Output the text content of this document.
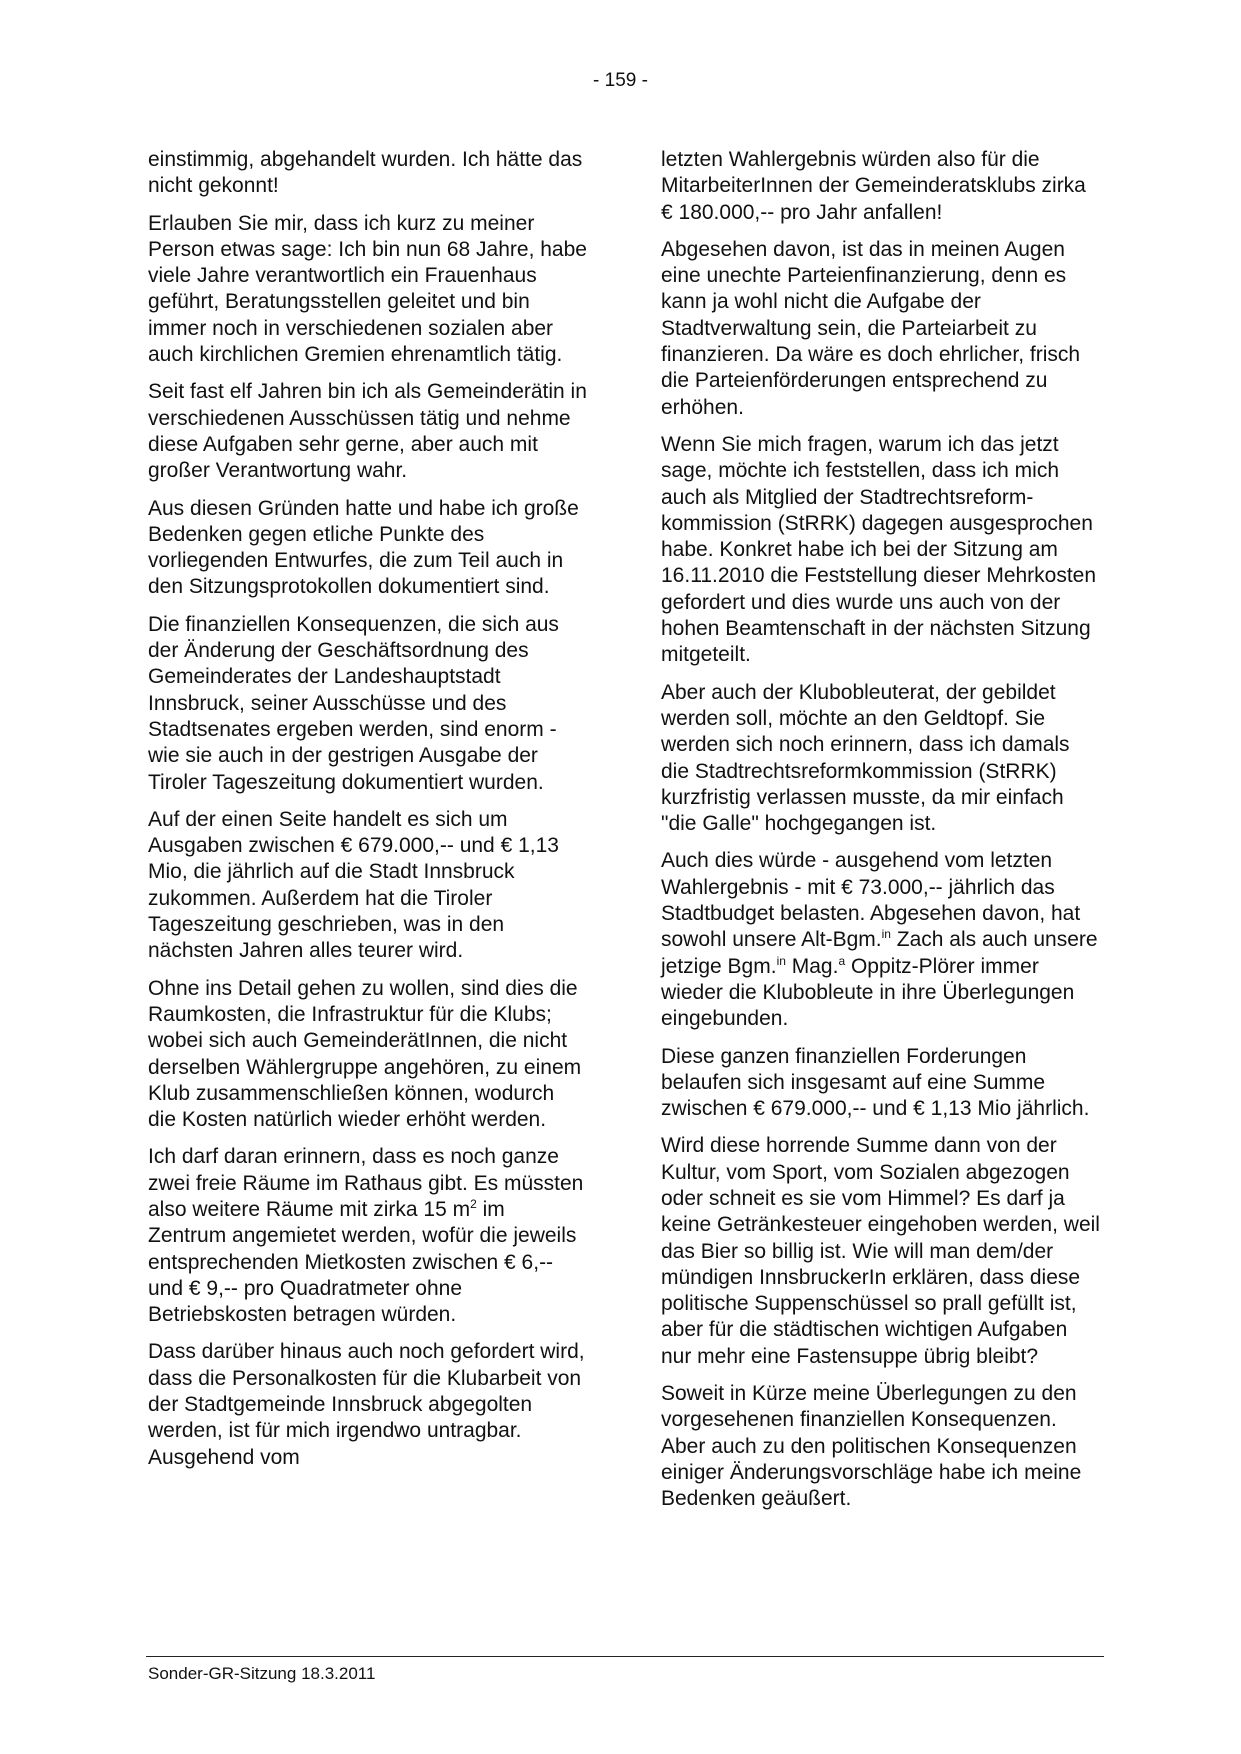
- 159 -

einstimmig, abgehandelt wurden. Ich hätte das nicht gekonnt!

Erlauben Sie mir, dass ich kurz zu meiner Person etwas sage: Ich bin nun 68 Jahre, habe viele Jahre verantwortlich ein Frauenhaus geführt, Beratungsstellen geleitet und bin immer noch in verschiedenen sozialen aber auch kirchlichen Gremien ehrenamtlich tätig.

Seit fast elf Jahren bin ich als Gemeinderätin in verschiedenen Ausschüssen tätig und nehme diese Aufgaben sehr gerne, aber auch mit großer Verantwortung wahr.

Aus diesen Gründen hatte und habe ich große Bedenken gegen etliche Punkte des vorliegenden Entwurfes, die zum Teil auch in den Sitzungsprotokollen dokumentiert sind.

Die finanziellen Konsequenzen, die sich aus der Änderung der Geschäftsordnung des Gemeinderates der Landeshauptstadt Innsbruck, seiner Ausschüsse und des Stadtsenates ergeben werden, sind enorm - wie sie auch in der gestrigen Ausgabe der Tiroler Tageszeitung dokumentiert wurden.

Auf der einen Seite handelt es sich um Ausgaben zwischen € 679.000,-- und € 1,13 Mio, die jährlich auf die Stadt Innsbruck zukommen. Außerdem hat die Tiroler Tageszeitung geschrieben, was in den nächsten Jahren alles teurer wird.

Ohne ins Detail gehen zu wollen, sind dies die Raumkosten, die Infrastruktur für die Klubs; wobei sich auch GemeinderätInnen, die nicht derselben Wählergruppe angehören, zu einem Klub zusammenschließen können, wodurch die Kosten natürlich wieder erhöht werden.

Ich darf daran erinnern, dass es noch ganze zwei freie Räume im Rathaus gibt. Es müssten also weitere Räume mit zirka 15 $m^2$ im Zentrum angemietet werden, wofür die jeweils entsprechenden Mietkosten zwischen € 6,-- und € 9,-- pro Quadratmeter ohne Betriebskosten betragen würden.

Dass darüber hinaus auch noch gefordert wird, dass die Personalkosten für die Klubarbeit von der Stadtgemeinde Innsbruck abgegolten werden, ist für mich irgendwo untragbar. Ausgehend vom

letzten Wahlergebnis würden also für die MitarbeiterInnen der Gemeinderatsklubs zirka € 180.000,-- pro Jahr anfallen!

Abgesehen davon, ist das in meinen Augen eine unechte Parteienfinanzierung, denn es kann ja wohl nicht die Aufgabe der Stadtverwaltung sein, die Parteiarbeit zu finanzieren. Da wäre es doch ehrlicher, frisch die Parteienförderungen entsprechend zu erhöhen.

Wenn Sie mich fragen, warum ich das jetzt sage, möchte ich feststellen, dass ich mich auch als Mitglied der Stadtrechtsreformkommission (StRRK) dagegen ausgesprochen habe. Konkret habe ich bei der Sitzung am 16.11.2010 die Feststellung dieser Mehrkosten gefordert und dies wurde uns auch von der hohen Beamtenschaft in der nächsten Sitzung mitgeteilt.

Aber auch der Klubobleuterat, der gebildet werden soll, möchte an den Geldtopf. Sie werden sich noch erinnern, dass ich damals die Stadtrechtsreformkommission (StRRK) kurzfristig verlassen musste, da mir einfach "die Galle" hochgegangen ist.

Auch dies würde - ausgehend vom letzten Wahlergebnis - mit € 73.000,-- jährlich das Stadtbudget belasten. Abgesehen davon, hat sowohl unsere Alt-Bgm.$^{in}$ Zach als auch unsere jetzige Bgm.$^{in}$ Mag.$^a$ Oppitz-Plörer immer wieder die Klubobleute in ihre Überlegungen eingebunden.

Diese ganzen finanziellen Forderungen belaufen sich insgesamt auf eine Summe zwischen € 679.000,-- und € 1,13 Mio jährlich.

Wird diese horrende Summe dann von der Kultur, vom Sport, vom Sozialen abgezogen oder schneit es sie vom Himmel? Es darf ja keine Getränkesteuer eingehoben werden, weil das Bier so billig ist. Wie will man dem/der mündigen InnsbruckerIn erklären, dass diese politische Suppenschüssel so prall gefüllt ist, aber für die städtischen wichtigen Aufgaben nur mehr eine Fastensuppe übrig bleibt?

Soweit in Kürze meine Überlegungen zu den vorgesehenen finanziellen Konsequenzen. Aber auch zu den politischen Konsequenzen einiger Änderungsvorschläge habe ich meine Bedenken geäußert.

Sonder-GR-Sitzung 18.3.2011
